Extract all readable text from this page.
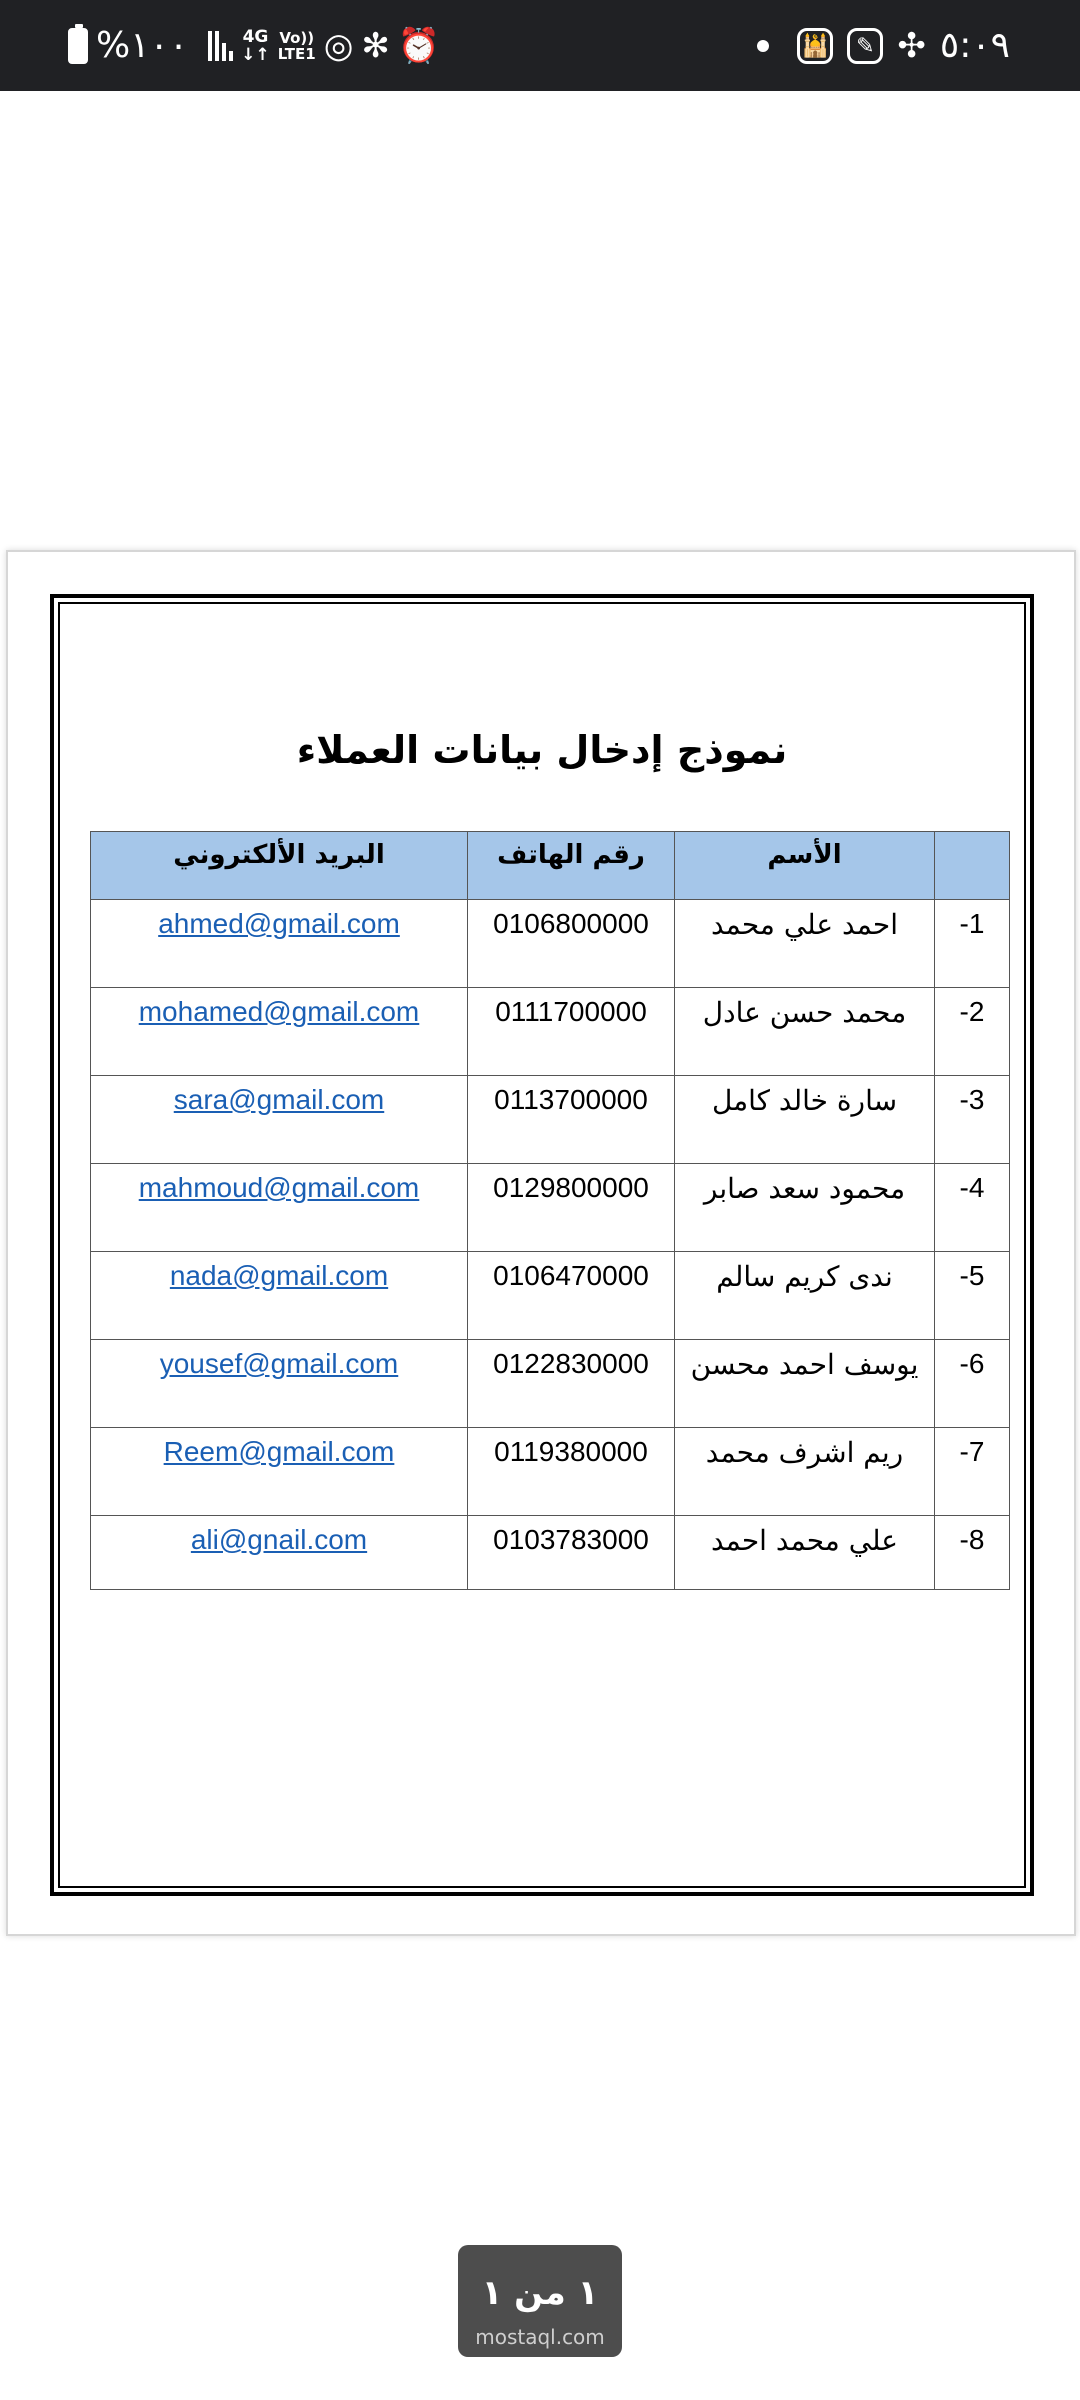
%١٠٠	4G
↓↑
Vo))
LTE1 ◎ ✻ ⏰	🕌	✎ ✣ ٥:٠٩
نموذج إدخال بيانات العملاء
	الأسم	رقم الهاتف	البريد الألكتروني
-1	احمد علي محمد	0106800000	ahmed@gmail.com
-2	محمد حسن عادل	0111700000	mohamed@gmail.com
-3	سارة خالد كامل	0113700000	sara@gmail.com
-4	محمود سعد صابر	0129800000	mahmoud@gmail.com
-5	ندى كريم سالم	0106470000	nada@gmail.com
-6	يوسف احمد محسن	0122830000	yousef@gmail.com
-7	ريم اشرف محمد	0119380000	Reem@gmail.com
-8	علي محمد احمد	0103783000	ali@gnail.com
١ من ١
mostaql.com
